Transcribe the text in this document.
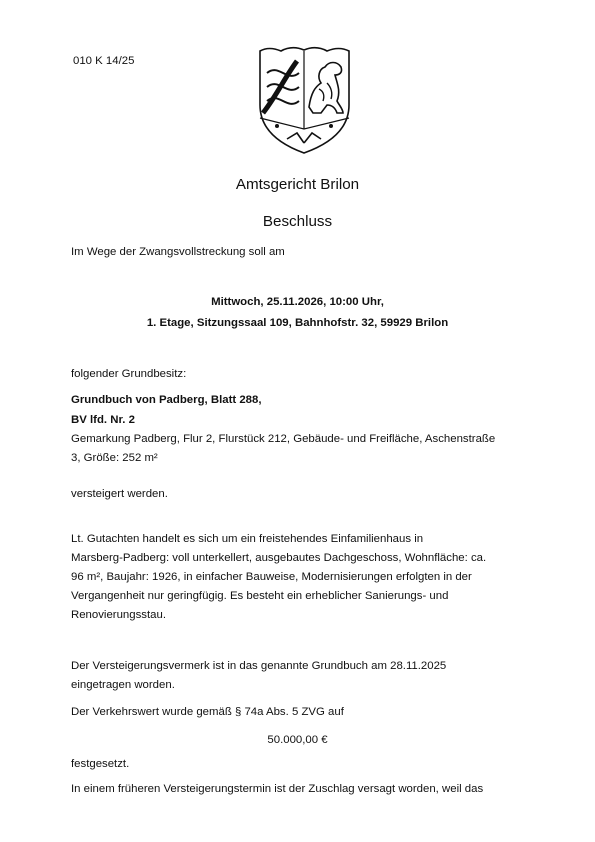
010 K 14/25
Amtsgericht Brilon
Beschluss
Im Wege der Zwangsvollstreckung soll am
Mittwoch, 25.11.2026, 10:00 Uhr,
1. Etage, Sitzungssaal 109, Bahnhofstr. 32, 59929 Brilon
folgender Grundbesitz:
Grundbuch von Padberg, Blatt 288,
BV lfd. Nr. 2
Gemarkung Padberg, Flur 2, Flurstück 212, Gebäude- und Freifläche, Aschenstraße
3, Größe: 252 m²
versteigert werden.
Lt. Gutachten handelt es sich um ein freistehendes Einfamilienhaus in
Marsberg-Padberg: voll unterkellert, ausgebautes Dachgeschoss, Wohnfläche: ca.
96 m², Baujahr: 1926, in einfacher Bauweise, Modernisierungen erfolgten in der
Vergangenheit nur geringfügig. Es besteht ein erheblicher Sanierungs- und
Renovierungsstau.
Der Versteigerungsvermerk ist in das genannte Grundbuch am 28.11.2025
eingetragen worden.
Der Verkehrswert wurde gemäß § 74a Abs. 5 ZVG auf
50.000,00 €
festgesetzt.
In einem früheren Versteigerungstermin ist der Zuschlag versagt worden, weil das
